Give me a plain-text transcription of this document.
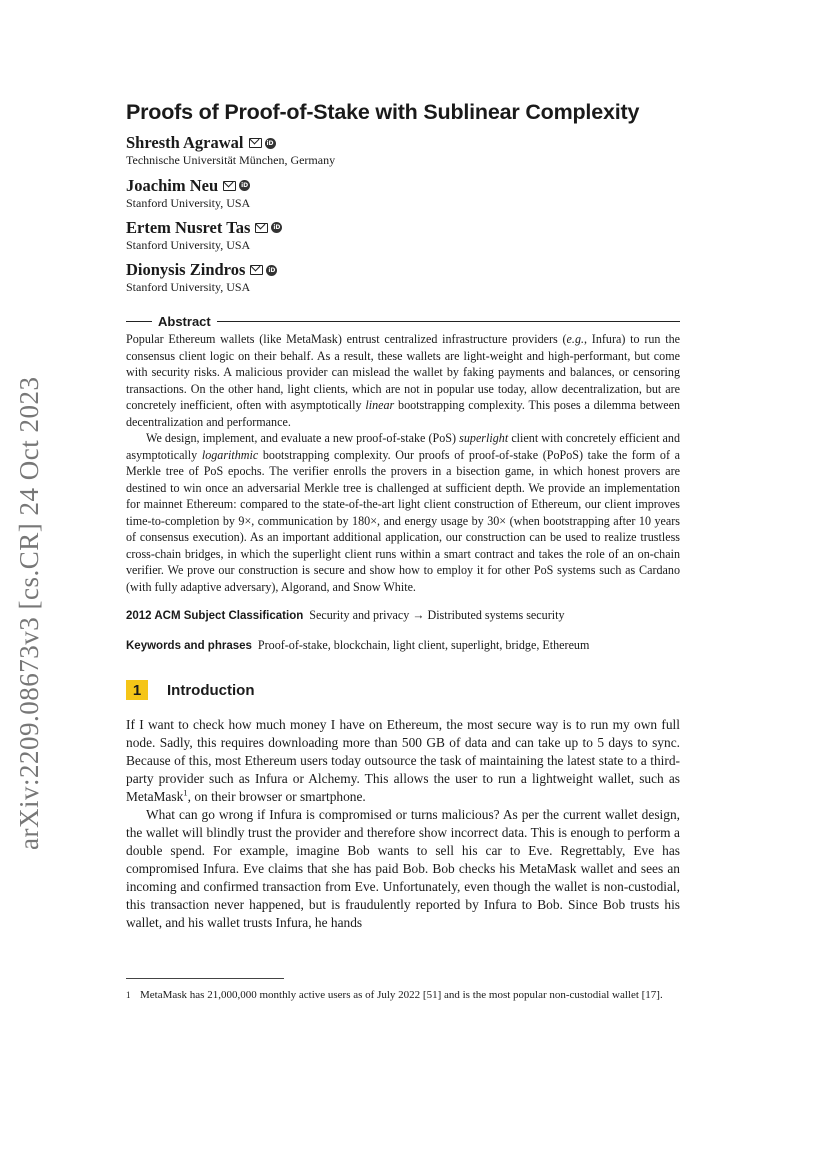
arXiv:2209.08673v3 [cs.CR] 24 Oct 2023
Proofs of Proof-of-Stake with Sublinear Complexity
Shresth Agrawal	iD
Technische Universität München, Germany
Joachim Neu	iD
Stanford University, USA
Ertem Nusret Tas	iD
Stanford University, USA
Dionysis Zindros	iD
Stanford University, USA
Abstract

Popular Ethereum wallets (like MetaMask) entrust centralized infrastructure providers (e.g., Infura) to run the consensus client logic on their behalf. As a result, these wallets are light-weight and high-performant, but come with security risks. A malicious provider can mislead the wallet by faking payments and balances, or censoring transactions. On the other hand, light clients, which are not in popular use today, allow decentralization, but are concretely inefficient, often with asymptotically linear bootstrapping complexity. This poses a dilemma between decentralization and performance.

We design, implement, and evaluate a new proof-of-stake (PoS) superlight client with concretely efficient and asymptotically logarithmic bootstrapping complexity. Our proofs of proof-of-stake (PoPoS) take the form of a Merkle tree of PoS epochs. The verifier enrolls the provers in a bisection game, in which honest provers are destined to win once an adversarial Merkle tree is challenged at sufficient depth. We provide an implementation for mainnet Ethereum: compared to the state-of-the-art light client construction of Ethereum, our client improves time-to-completion by 9×, communication by 180×, and energy usage by 30× (when bootstrapping after 10 years of consensus execution). As an important additional application, our construction can be used to realize trustless cross-chain bridges, in which the superlight client runs within a smart contract and takes the role of an on-chain verifier. We prove our construction is secure and show how to employ it for other PoS systems such as Cardano (with fully adaptive adversary), Algorand, and Snow White.

2012 ACM Subject Classification Security and privacy → Distributed systems security
Keywords and phrases Proof-of-stake, blockchain, light client, superlight, bridge, Ethereum
1	Introduction

If I want to check how much money I have on Ethereum, the most secure way is to run my own full node. Sadly, this requires downloading more than 500 GB of data and can take up to 5 days to sync. Because of this, most Ethereum users today outsource the task of maintaining the latest state to a third-party provider such as Infura or Alchemy. This allows the user to run a lightweight wallet, such as MetaMask$^1$, on their browser or smartphone.

What can go wrong if Infura is compromised or turns malicious? As per the current wallet design, the wallet will blindly trust the provider and therefore show incorrect data. This is enough to perform a double spend. For example, imagine Bob wants to sell his car to Eve. Regrettably, Eve has compromised Infura. Eve claims that she has paid Bob. Bob checks his MetaMask wallet and sees an incoming and confirmed transaction from Eve. Unfortunately, even though the wallet is non-custodial, this transaction never happened, but is fraudulently reported by Infura to Bob. Since Bob trusts his wallet, and his wallet trusts Infura, he hands

1 MetaMask has 21,000,000 monthly active users as of July 2022 [51] and is the most popular non-custodial wallet [17].
